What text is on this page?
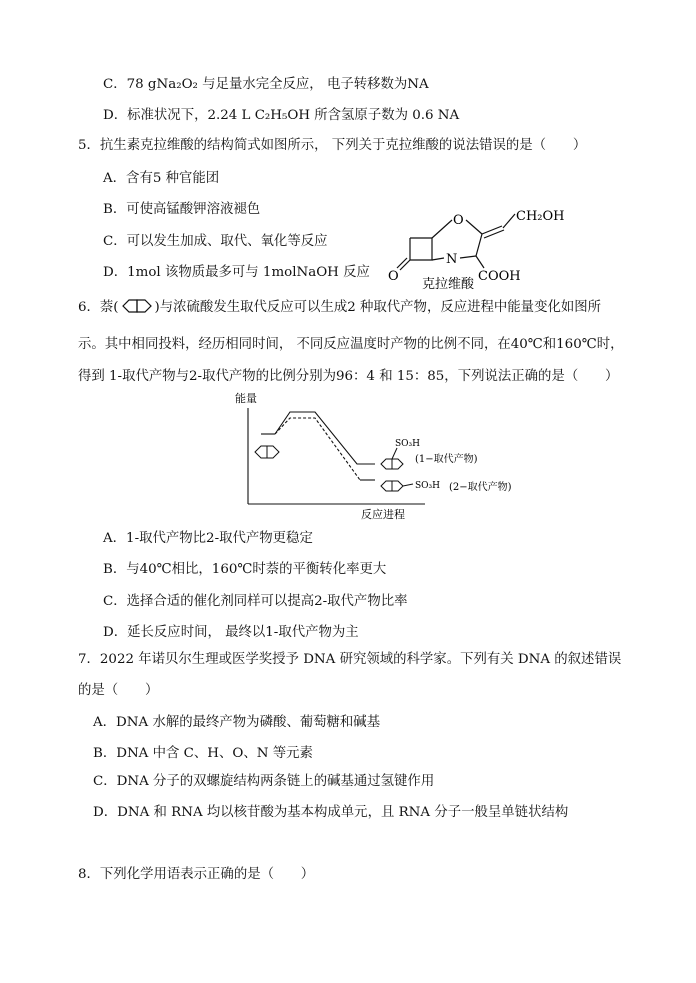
C．78 gNa₂O₂ 与足量水完全反应， 电子转移数为NA
D．标准状况下，2.24 L C₂H₅OH 所含氢原子数为 0.6 NA
5．抗生素克拉维酸的结构简式如图所示， 下列关于克拉维酸的说法错误的是（　　）
A．含有5 种官能团
B．可使高锰酸钾溶液褪色
C．可以发生加成、取代、氧化等反应
D．1mol 该物质最多可与 1molNaOH 反应 O
O
N
CH₂OH
COOH
克拉维酸
6．萘(	)与浓硫酸发生取代反应可以生成2 种取代产物，反应进程中能量变化如图所
示。其中相同投料，经历相同时间， 不同反应温度时产物的比例不同，在40℃和160℃时，
得到 1-取代产物与2-取代产物的比例分别为96：4 和 15：85，下列说法正确的是（　　）
能量
反应进程
SO₃H
(1−取代产物)
SO₃H (2−取代产物)
A．1-取代产物比2-取代产物更稳定
B．与40℃相比，160℃时萘的平衡转化率更大
C．选择合适的催化剂同样可以提高2-取代产物比率
D．延长反应时间， 最终以1-取代产物为主
7．2022 年诺贝尔生理或医学奖授予 DNA 研究领域的科学家。下列有关 DNA 的叙述错误
的是（　　）
A．DNA 水解的最终产物为磷酸、葡萄糖和碱基
B．DNA 中含 C、H、O、N 等元素
C．DNA 分子的双螺旋结构两条链上的碱基通过氢键作用
D．DNA 和 RNA 均以核苷酸为基本构成单元，且 RNA 分子一般呈单链状结构
8．下列化学用语表示正确的是（　　）
